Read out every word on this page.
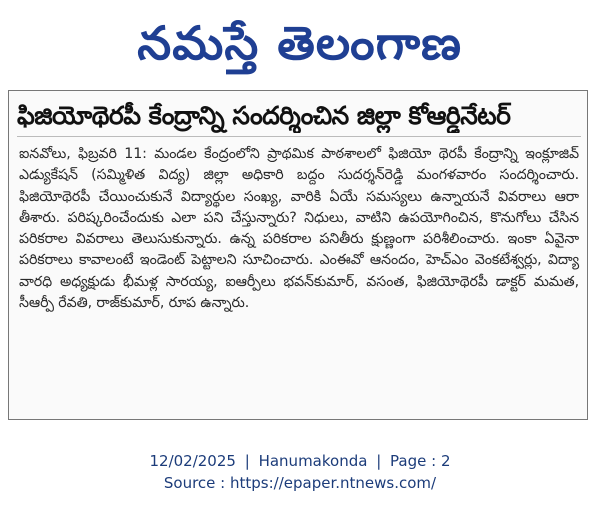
నమస్తే తెలంగాణ
ఫిజియోథెరపీ కేంద్రాన్ని సందర్శించిన జిల్లా కోఆర్డినేటర్
ఐనవోలు, ఫిబ్రవరి 11: మండల కేంద్రంలోని ప్రాథమిక పాఠశాలలో ఫిజియో థెరపీ కేంద్రాన్ని ఇంక్లూజివ్ ఎడ్యుకేషన్ (సమ్మిళిత విద్య) జిల్లా అధికారి బద్దం సుదర్శన్‌రెడ్డి మంగళవారం సందర్శించారు. ఫిజియోథెరపీ చేయించుకునే విద్యార్థుల సంఖ్య, వారికి ఏయే సమస్యలు ఉన్నాయనే వివరాలు ఆరా తీశారు. పరిష్కరించేందుకు ఎలా పని చేస్తున్నారు? నిధులు, వాటిని ఉపయోగించిన, కొనుగోలు చేసిన పరికరాల వివరాలు తెలుసుకున్నారు. ఉన్న పరికరాల పనితీరు క్షుణ్ణంగా పరిశీలించారు. ఇంకా ఏవైనా పరికరాలు కావాలంటే ఇండెంట్ పెట్టాలని సూచించారు. ఎంఈవో ఆనందం, హెచ్ఎం వెంకటేశ్వర్లు, విద్యా వారధి అధ్యక్షుడు భీమళ్ల సారయ్య, ఐఆర్పీలు భవన్‌కుమార్, వసంత, ఫిజియోథెరపీ డాక్టర్ మమత, సీఆర్పీ రేవతి, రాజ్‌కుమార్, రూప ఉన్నారు.
12/02/2025 | Hanumakonda | Page : 2
Source : https://epaper.ntnews.com/
